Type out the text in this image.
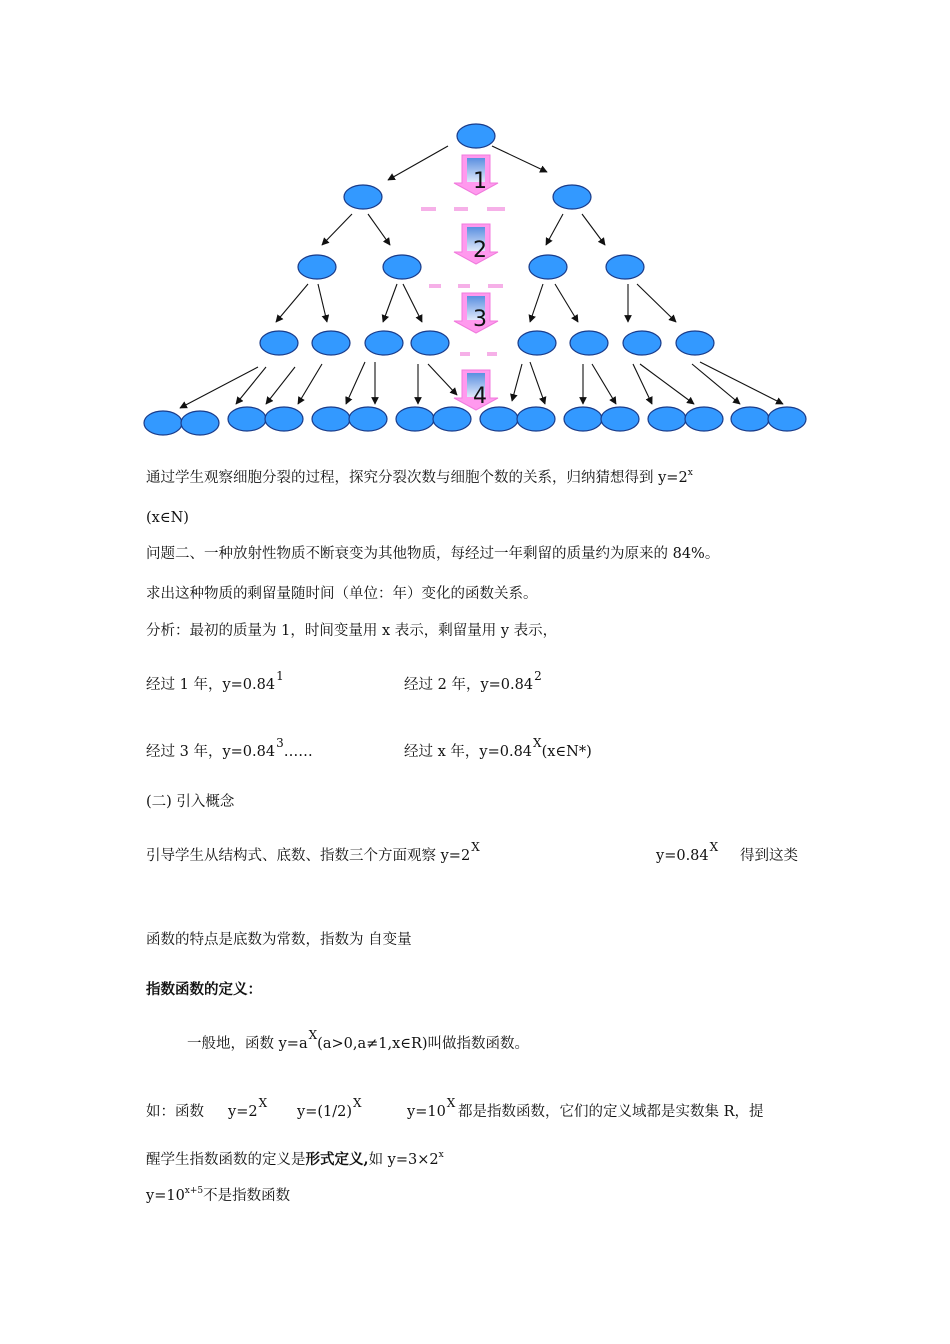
1
2
3
4
通过学生观察细胞分裂的过程，探究分裂次数与细胞个数的关系，归纳猜想得到 $y=2^x$
(x∈N)
问题二、一种放射性物质不断衰变为其他物质，每经过一年剩留的质量约为原来的 84%。
求出这种物质的剩留量随时间（单位：年）变化的函数关系。
分析：最初的质量为 1，时间变量用 x 表示，剩留量用 y 表示，
经过 1 年，$y=0.84^1$
经过 2 年，$y=0.84^2$
经过 3 年，$y=0.84^3\dots\dots$	经过 x 年，$y=0.84^X(x\in N*)$
(二) 引入概念
引导学生从结构式、底数、指数三个方面观察 $y=2^X$
$y=0.84^X$
得到这类
函数的特点是底数为常数，指数为 自变量
指数函数的定义：
一般地，函数 $y=a^X(a>0,a\ne 1,x\in R)$叫做指数函数。
如：函数 $y=2^X$
$y=(1/2)^X$
$y=10^X$
都是指数函数，它们的定义域都是实数集 R，提
醒学生指数函数的定义是形式定义,如 $y=3\times 2^x$
$y=10^{x+5}$不是指数函数
